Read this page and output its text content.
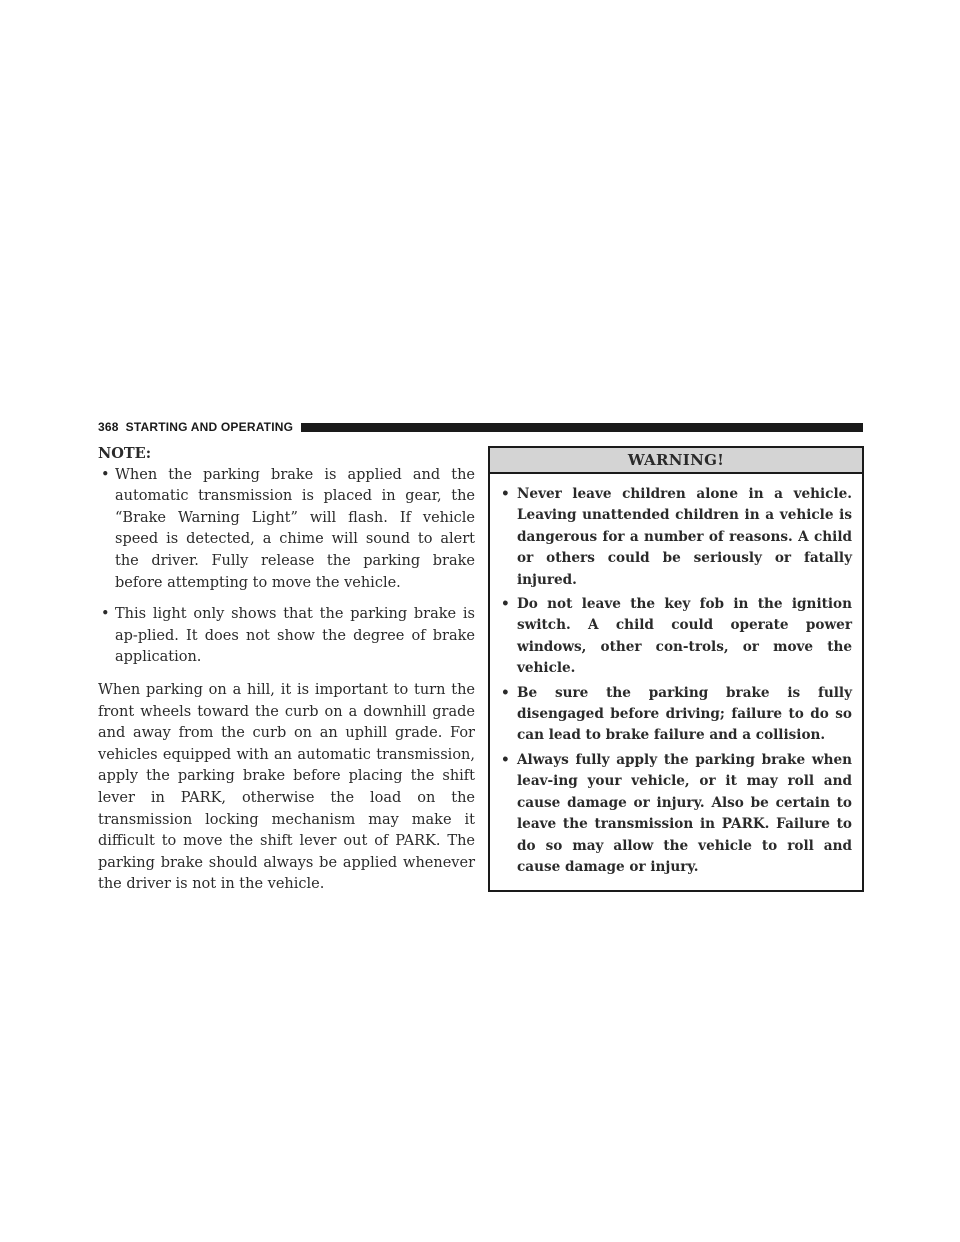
368 STARTING AND OPERATING

NOTE:

• When the parking brake is applied and the automatic transmission is placed in gear, the “Brake Warning Light” will flash. If vehicle speed is detected, a chime will sound to alert the driver. Fully release the parking brake before attempting to move the vehicle.

• This light only shows that the parking brake is ap-plied. It does not show the degree of brake application.

When parking on a hill, it is important to turn the front wheels toward the curb on a downhill grade and away from the curb on an uphill grade. For vehicles equipped with an automatic transmission, apply the parking brake before placing the shift lever in PARK, otherwise the load on the transmission locking mechanism may make it difficult to move the shift lever out of PARK. The parking brake should always be applied whenever the driver is not in the vehicle.

WARNING!

• Never leave children alone in a vehicle. Leaving unattended children in a vehicle is dangerous for a number of reasons. A child or others could be seriously or fatally injured.

• Do not leave the key fob in the ignition switch. A child could operate power windows, other con-trols, or move the vehicle.

• Be sure the parking brake is fully disengaged before driving; failure to do so can lead to brake failure and a collision.

• Always fully apply the parking brake when leav-ing your vehicle, or it may roll and cause damage or injury. Also be certain to leave the transmission in PARK. Failure to do so may allow the vehicle to roll and cause damage or injury.
